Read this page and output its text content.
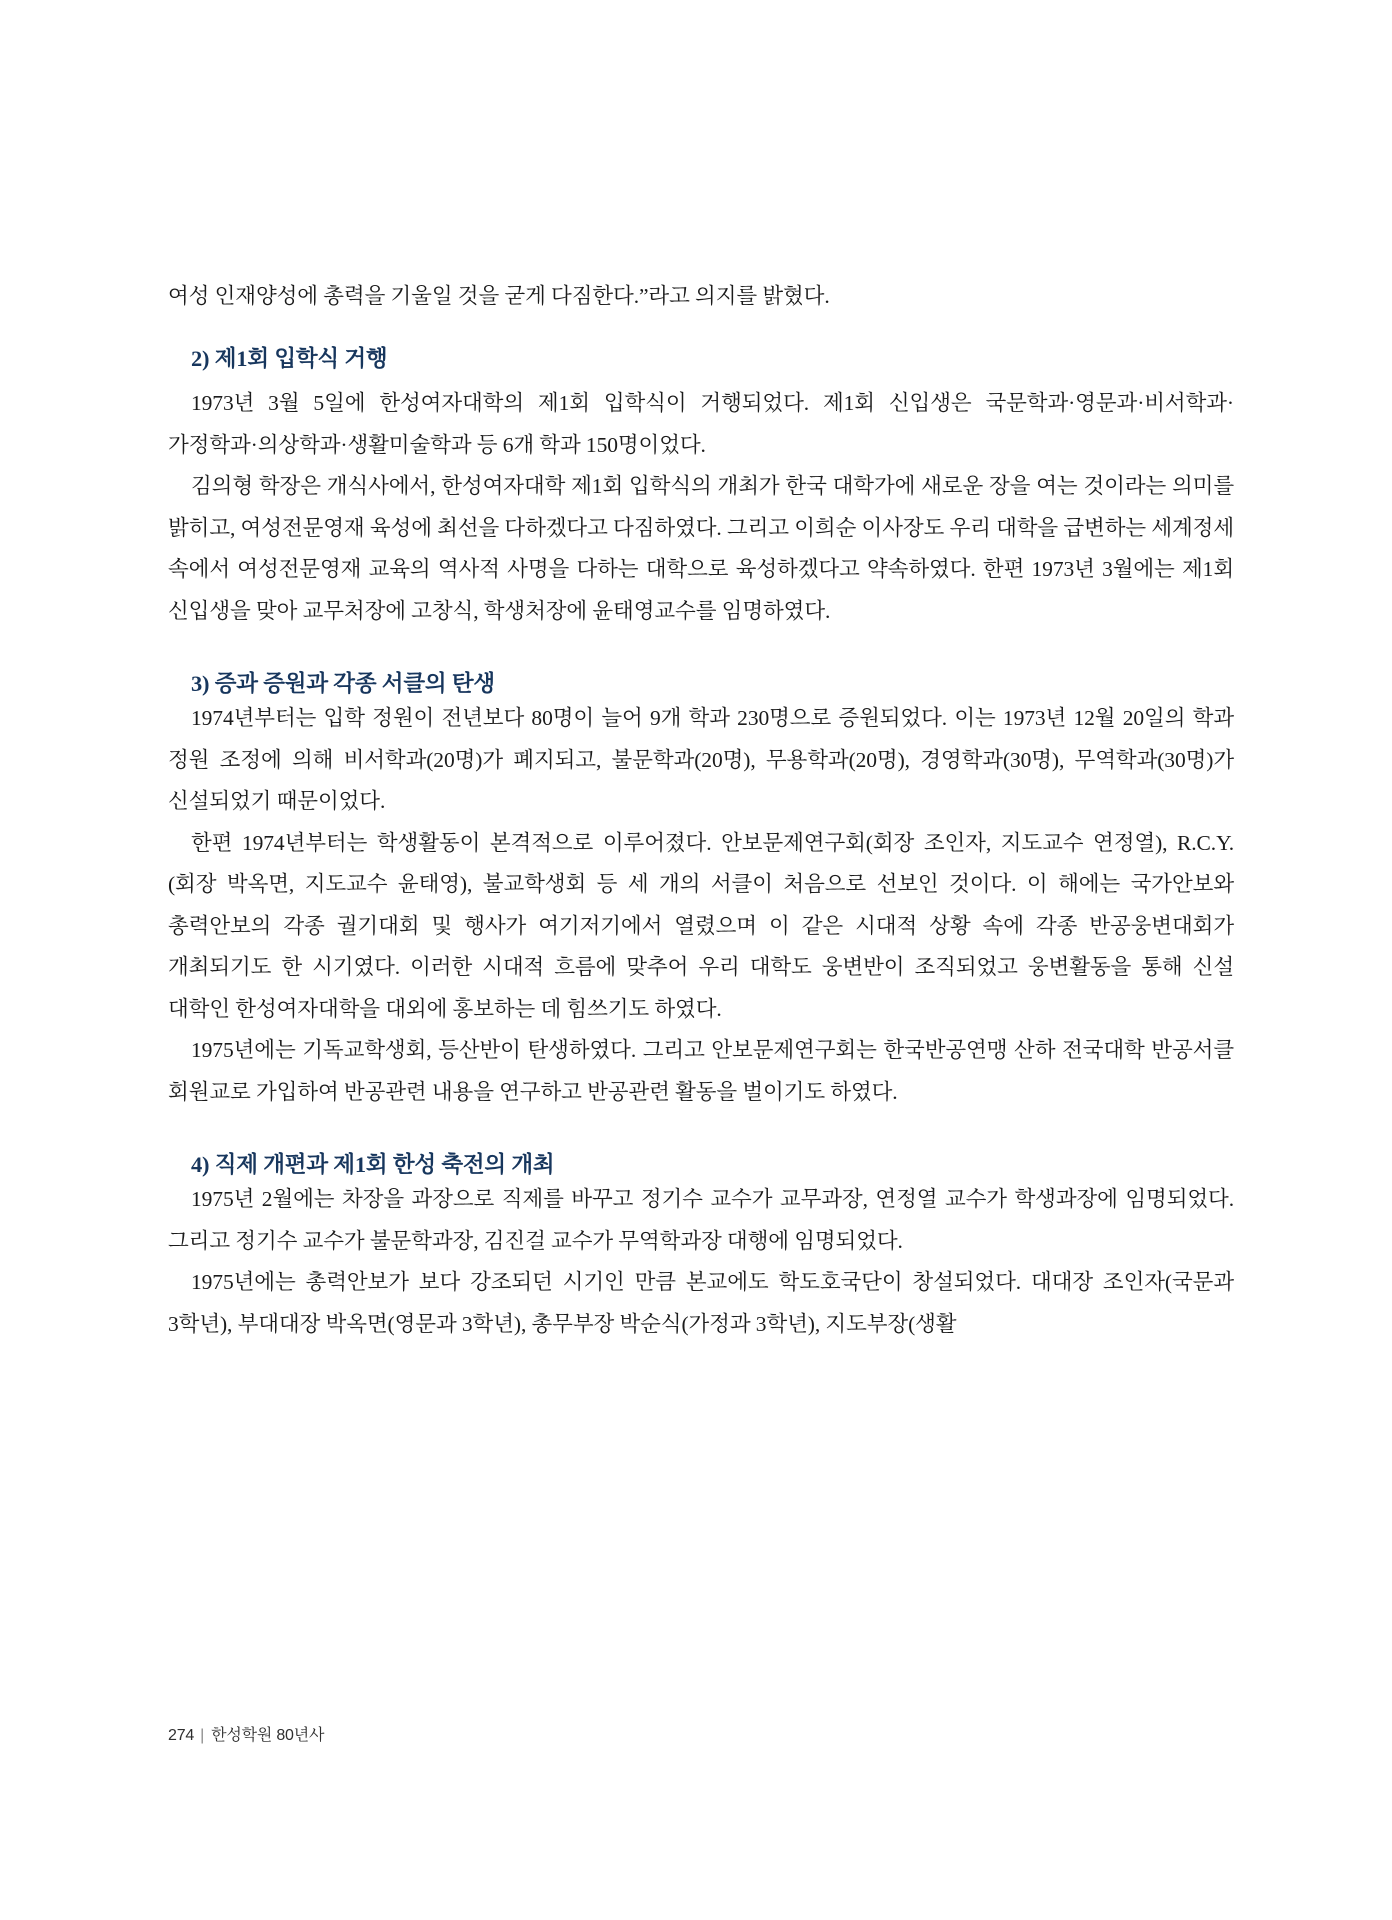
여성 인재양성에 총력을 기울일 것을 굳게 다짐한다.”라고 의지를 밝혔다.

2) 제1회 입학식 거행

1973년 3월 5일에 한성여자대학의 제1회 입학식이 거행되었다. 제1회 신입생은 국문학과·영문과·비서학과·가정학과·의상학과·생활미술학과 등 6개 학과 150명이었다.

김의형 학장은 개식사에서, 한성여자대학 제1회 입학식의 개최가 한국 대학가에 새로운 장을 여는 것이라는 의미를 밝히고, 여성전문영재 육성에 최선을 다하겠다고 다짐하였다. 그리고 이희순 이사장도 우리 대학을 급변하는 세계정세 속에서 여성전문영재 교육의 역사적 사명을 다하는 대학으로 육성하겠다고 약속하였다. 한편 1973년 3월에는 제1회 신입생을 맞아 교무처장에 고창식, 학생처장에 윤태영교수를 임명하였다.

3) 증과 증원과 각종 서클의 탄생

1974년부터는 입학 정원이 전년보다 80명이 늘어 9개 학과 230명으로 증원되었다. 이는 1973년 12월 20일의 학과 정원 조정에 의해 비서학과(20명)가 폐지되고, 불문학과(20명), 무용학과(20명), 경영학과(30명), 무역학과(30명)가 신설되었기 때문이었다.

한편 1974년부터는 학생활동이 본격적으로 이루어졌다. 안보문제연구회(회장 조인자, 지도교수 연정열), R.C.Y.(회장 박옥면, 지도교수 윤태영), 불교학생회 등 세 개의 서클이 처음으로 선보인 것이다. 이 해에는 국가안보와 총력안보의 각종 궐기대회 및 행사가 여기저기에서 열렸으며 이 같은 시대적 상황 속에 각종 반공웅변대회가 개최되기도 한 시기였다. 이러한 시대적 흐름에 맞추어 우리 대학도 웅변반이 조직되었고 웅변활동을 통해 신설 대학인 한성여자대학을 대외에 홍보하는 데 힘쓰기도 하였다.

1975년에는 기독교학생회, 등산반이 탄생하였다. 그리고 안보문제연구회는 한국반공연맹 산하 전국대학 반공서클 회원교로 가입하여 반공관련 내용을 연구하고 반공관련 활동을 벌이기도 하였다.

4) 직제 개편과 제1회 한성 축전의 개최

1975년 2월에는 차장을 과장으로 직제를 바꾸고 정기수 교수가 교무과장, 연정열 교수가 학생과장에 임명되었다. 그리고 정기수 교수가 불문학과장, 김진걸 교수가 무역학과장 대행에 임명되었다.

1975년에는 총력안보가 보다 강조되던 시기인 만큼 본교에도 학도호국단이 창설되었다. 대대장 조인자(국문과 3학년), 부대대장 박옥면(영문과 3학년), 총무부장 박순식(가정과 3학년), 지도부장(생활

274 | 한성학원 80년사
